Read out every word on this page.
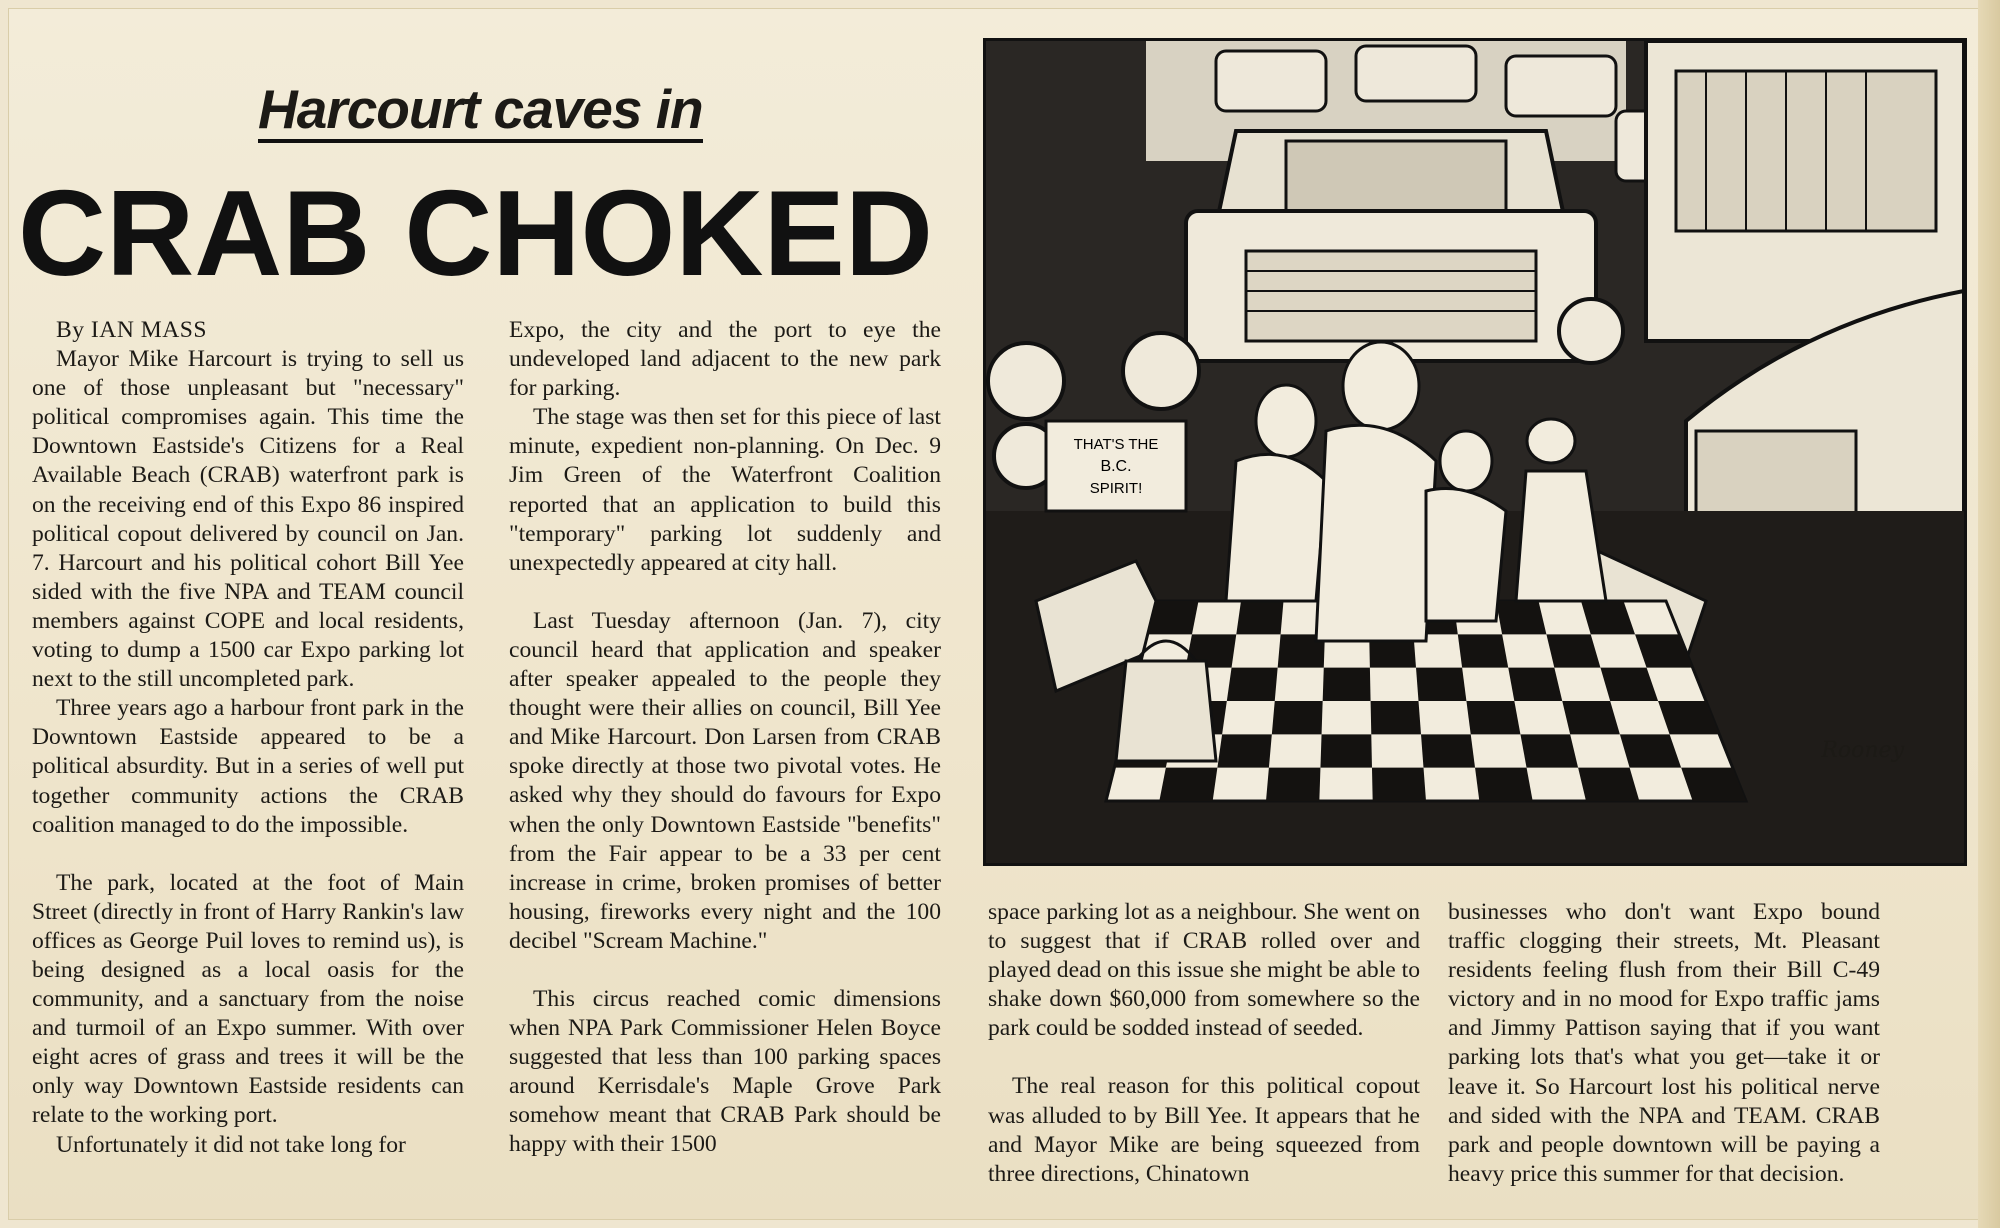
Harcourt caves in
CRAB CHOKED

By IAN MASS

Mayor Mike Harcourt is trying to sell us one of those unpleasant but "necessary" political compromises again. This time the Downtown Eastside's Citizens for a Real Available Beach (CRAB) waterfront park is on the receiving end of this Expo 86 inspired political copout delivered by council on Jan. 7. Harcourt and his political cohort Bill Yee sided with the five NPA and TEAM council members against COPE and local residents, voting to dump a 1500 car Expo parking lot next to the still uncompleted park.

Three years ago a harbour front park in the Downtown Eastside appeared to be a political absurdity. But in a series of well put together community actions the CRAB coalition managed to do the impossible.

The park, located at the foot of Main Street (directly in front of Harry Rankin's law offices as George Puil loves to remind us), is being designed as a local oasis for the community, and a sanctuary from the noise and turmoil of an Expo summer. With over eight acres of grass and trees it will be the only way Downtown Eastside residents can relate to the working port.

Unfortunately it did not take long for

Expo, the city and the port to eye the undeveloped land adjacent to the new park for parking.

The stage was then set for this piece of last minute, expedient non-planning. On Dec. 9 Jim Green of the Waterfront Coalition reported that an application to build this "temporary" parking lot suddenly and unexpectedly appeared at city hall.

Last Tuesday afternoon (Jan. 7), city council heard that application and speaker after speaker appealed to the people they thought were their allies on council, Bill Yee and Mike Harcourt. Don Larsen from CRAB spoke directly at those two pivotal votes. He asked why they should do favours for Expo when the only Downtown Eastside "benefits" from the Fair appear to be a 33 per cent increase in crime, broken promises of better housing, fireworks every night and the 100 decibel "Scream Machine."

This circus reached comic dimensions when NPA Park Commissioner Helen Boyce suggested that less than 100 parking spaces around Kerrisdale's Maple Grove Park somehow meant that CRAB Park should be happy with their 1500

THAT'S THE
B.C.
SPIRIT!
Rooney

space parking lot as a neighbour. She went on to suggest that if CRAB rolled over and played dead on this issue she might be able to shake down $60,000 from somewhere so the park could be sodded instead of seeded.

The real reason for this political copout was alluded to by Bill Yee. It appears that he and Mayor Mike are being squeezed from three directions, Chinatown

businesses who don't want Expo bound traffic clogging their streets, Mt. Pleasant residents feeling flush from their Bill C-49 victory and in no mood for Expo traffic jams and Jimmy Pattison saying that if you want parking lots that's what you get—take it or leave it. So Harcourt lost his political nerve and sided with the NPA and TEAM. CRAB park and people downtown will be paying a heavy price this summer for that decision.
